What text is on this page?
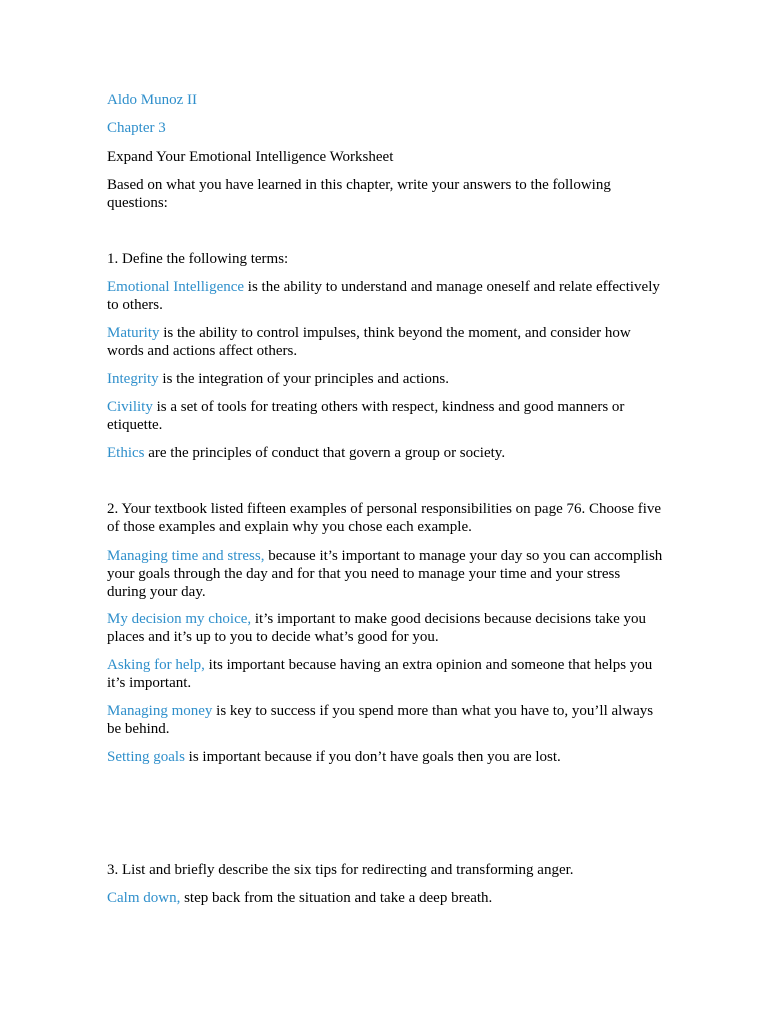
Aldo Munoz II

Chapter 3

Expand Your Emotional Intelligence Worksheet

Based on what you have learned in this chapter, write your answers to the following questions:

1. Define the following terms:

Emotional Intelligence is the ability to understand and manage oneself and relate effectively to others.

Maturity is the ability to control impulses, think beyond the moment, and consider how words and actions affect others.

Integrity is the integration of your principles and actions.

Civility is a set of tools for treating others with respect, kindness and good manners or etiquette.

Ethics are the principles of conduct that govern a group or society.

2. Your textbook listed fifteen examples of personal responsibilities on page 76. Choose five of those examples and explain why you chose each example.

Managing time and stress, because it’s important to manage your day so you can accomplish your goals through the day and for that you need to manage your time and your stress during your day.

My decision my choice, it’s important to make good decisions because decisions take you places and it’s up to you to decide what’s good for you.

Asking for help, its important because having an extra opinion and someone that helps you it’s important.

Managing money is key to success if you spend more than what you have to, you’ll always be behind.

Setting goals is important because if you don’t have goals then you are lost.

3. List and briefly describe the six tips for redirecting and transforming anger.

Calm down, step back from the situation and take a deep breath.
